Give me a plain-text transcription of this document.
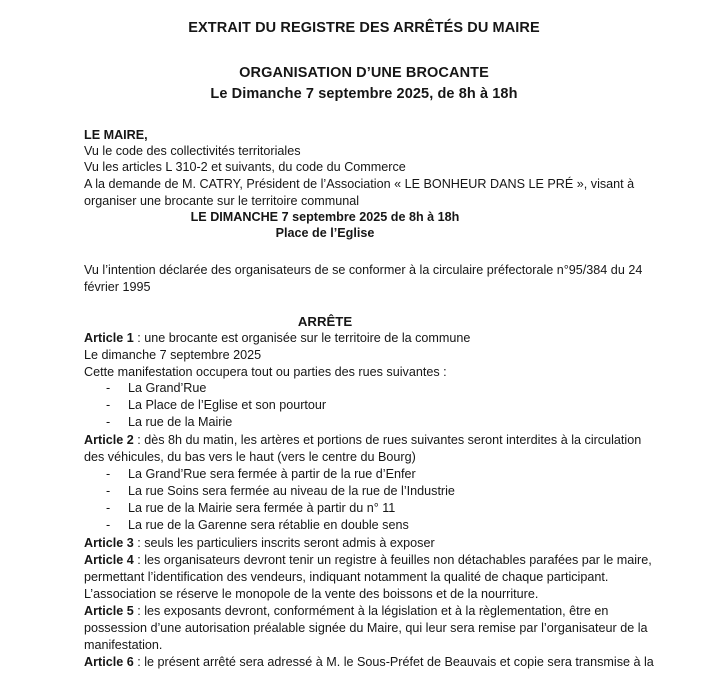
EXTRAIT DU REGISTRE DES ARRÊTÉS DU MAIRE
ORGANISATION D’UNE BROCANTE
Le Dimanche 7 septembre 2025, de 8h à 18h
LE MAIRE,
Vu le code des collectivités territoriales
Vu les articles L 310-2 et suivants, du code du Commerce
A la demande de M. CATRY, Président de l’Association « LE BONHEUR DANS LE PRÉ », visant à
organiser une brocante sur le territoire communal
LE DIMANCHE 7 septembre 2025 de 8h à 18h
Place de l’Eglise
Vu l’intention déclarée des organisateurs de se conformer à la circulaire préfectorale n°95/384 du 24
février 1995
ARRÊTE
Article 1 : une brocante est organisée sur le territoire de la commune
Le dimanche 7 septembre 2025
Cette manifestation occupera tout ou parties des rues suivantes :
- La Grand’Rue
- La Place de l’Eglise et son pourtour
- La rue de la Mairie
Article 2 : dès 8h du matin, les artères et portions de rues suivantes seront interdites à la circulation
des véhicules, du bas vers le haut (vers le centre du Bourg)
- La Grand’Rue sera fermée à partir de la rue d’Enfer
- La rue Soins sera fermée au niveau de la rue de l’Industrie
- La rue de la Mairie sera fermée à partir du n° 11
- La rue de la Garenne sera rétablie en double sens
Article 3 : seuls les particuliers inscrits seront admis à exposer
Article 4 : les organisateurs devront tenir un registre à feuilles non détachables parafées par le maire,
permettant l’identification des vendeurs, indiquant notamment la qualité de chaque participant.
L’association se réserve le monopole de la vente des boissons et de la nourriture.
Article 5 : les exposants devront, conformément à la législation et à la règlementation, être en
possession d’une autorisation préalable signée du Maire, qui leur sera remise par l’organisateur de la
manifestation.
Article 6 : le présent arrêté sera adressé à M. le Sous-Préfet de Beauvais et copie sera transmise à la
